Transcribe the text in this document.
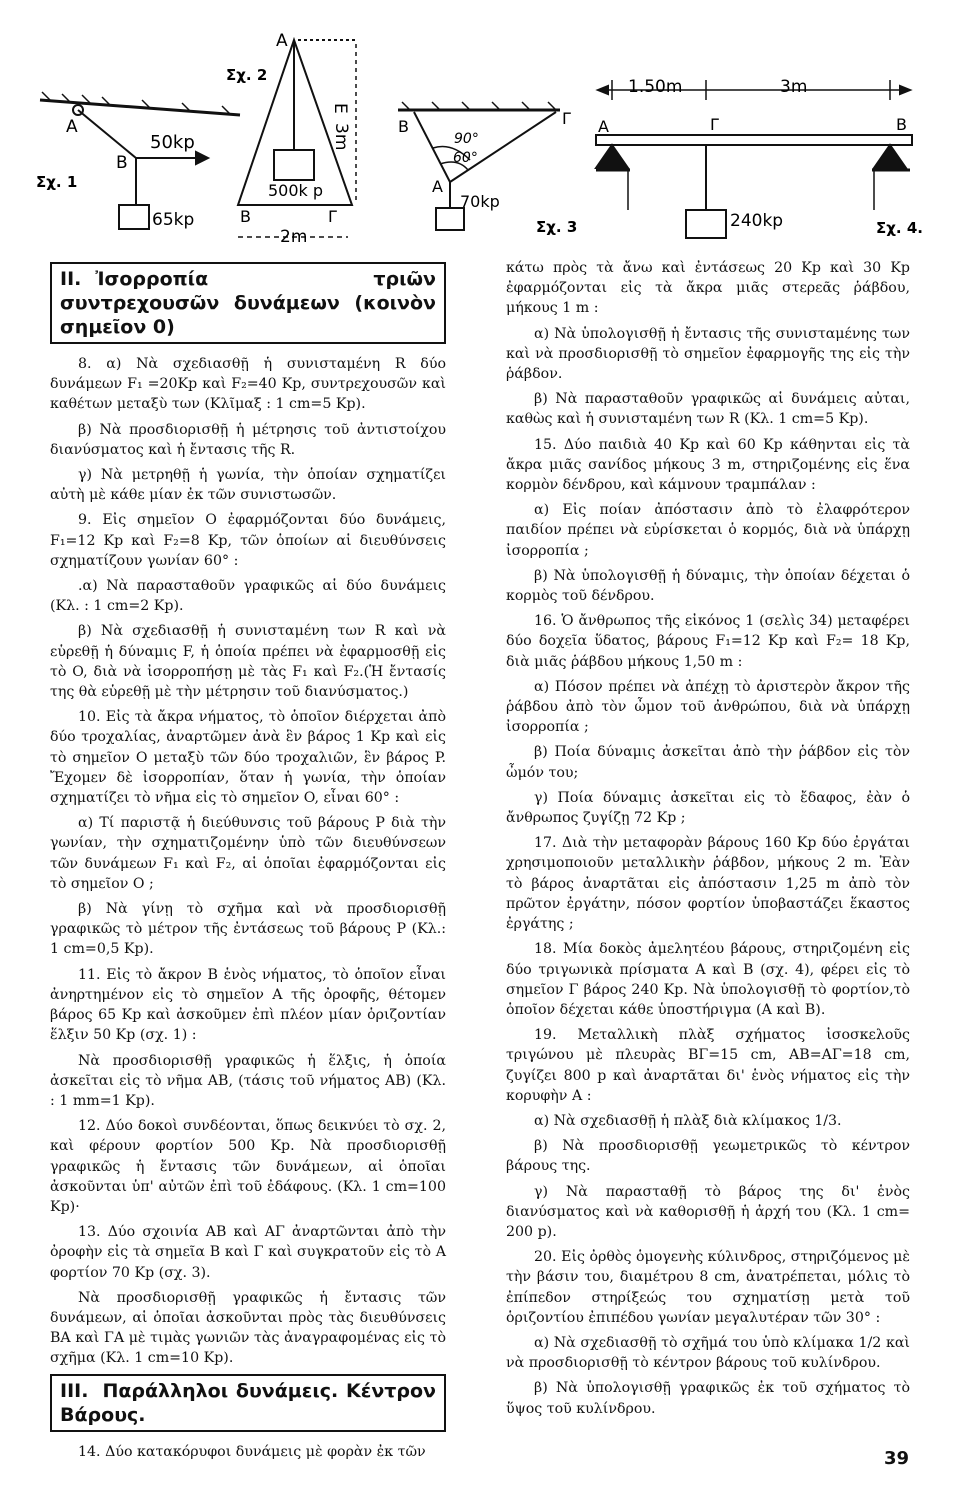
A
B
50kp
65kp
Σχ. 1
A
Σχ. 2
E
3m
500k p
B	Γ
2m
B	Γ
90°
60°
A
70kp
Σχ. 3
1.50m	3m
A	Γ	B
240kp	Σχ. 4.
II. Ἰσορροπία τριῶν συντρεχουσῶν δυνάμεων (κοινὸν σημεῖον 0)

8. α) Νὰ σχεδιασθῇ ἡ συνισταμένη R δύο δυνάμεων F₁ =20Kp καὶ F₂=40 Kp, συντρεχουσῶν καὶ καθέτων μεταξὺ των (Κλῖμαξ : 1 cm=5 Kp).

β) Νὰ προσδιορισθῇ ἡ μέτρησις τοῦ ἀντιστοίχου διανύσματος καὶ ἡ ἔντασις τῆς R.

γ) Νὰ μετρηθῇ ἡ γωνία, τὴν ὁποίαν σχηματίζει αὐτὴ μὲ κάθε μίαν ἐκ τῶν συνιστωσῶν.

9. Εἰς σημεῖον O ἐφαρμόζονται δύο δυνάμεις, F₁=12 Kp καὶ F₂=8 Kp, τῶν ὁποίων αἱ διευθύνσεις σχηματίζουν γωνίαν 60° :

.α) Νὰ παρασταθοῦν γραφικῶς αἱ δύο δυνάμεις (Κλ. : 1 cm=2 Kp).

β) Νὰ σχεδιασθῇ ἡ συνισταμένη των R καὶ νὰ εὑρεθῇ ἡ δύναμις F, ἡ ὁποία πρέπει νὰ ἐφαρμοσθῇ εἰς τὸ O, διὰ νὰ ἰσορροπήσῃ μὲ τὰς F₁ καὶ F₂.(Ἡ ἔντασίς της θὰ εὑρεθῇ μὲ τὴν μέτρησιν τοῦ διανύσματος.)

10. Εἰς τὰ ἄκρα νήματος, τὸ ὁποῖον διέρχεται ἀπὸ δύο τροχαλίας, ἀναρτῶμεν ἀνὰ ἓν βάρος 1 Kp καὶ εἰς τὸ σημεῖον O μεταξὺ τῶν δύο τροχαλιῶν, ἓν βάρος P. Ἔχομεν δὲ ἰσορροπίαν, ὅταν ἡ γωνία, τὴν ὁποίαν σχηματίζει τὸ νῆμα εἰς τὸ σημεῖον O, εἶναι 60° :

α) Τί παριστᾷ ἡ διεύθυνσις τοῦ βάρους P διὰ τὴν γωνίαν, τὴν σχηματιζομένην ὑπὸ τῶν διευθύνσεων τῶν δυνάμεων F₁ καὶ F₂, αἱ ὁποῖαι ἐφαρμόζονται εἰς τὸ σημεῖον O ;

β) Νὰ γίνῃ τὸ σχῆμα καὶ νὰ προσδιορισθῇ γραφικῶς τὸ μέτρον τῆς ἐντάσεως τοῦ βάρους P (Κλ.: 1 cm=0,5 Kp).

11. Εἰς τὸ ἄκρον B ἑνὸς νήματος, τὸ ὁποῖον εἶναι ἀνηρτημένον εἰς τὸ σημεῖον A τῆς ὀροφῆς, θέτομεν βάρος 65 Kp καὶ ἀσκοῦμεν ἐπὶ πλέον μίαν ὁριζοντίαν ἕλξιν 50 Kp (σχ. 1) :

Νὰ προσδιορισθῇ γραφικῶς ἡ ἕλξις, ἡ ὁποία ἀσκεῖται εἰς τὸ νῆμα AB, (τάσις τοῦ νήματος AB) (Κλ. : 1 mm=1 Kp).

12. Δύο δοκοὶ συνδέονται, ὅπως δεικνύει τὸ σχ. 2, καὶ φέρουν φορτίον 500 Kp. Νὰ προσδιορισθῇ γραφικῶς ἡ ἔντασις τῶν δυνάμεων, αἱ ὁποῖαι ἀσκοῦνται ὑπ' αὐτῶν ἐπὶ τοῦ ἐδάφους. (Κλ. 1 cm=100 Kp)·

13. Δύο σχοινία AB καὶ AΓ ἀναρτῶνται ἀπὸ τὴν ὀροφὴν εἰς τὰ σημεῖα B καὶ Γ καὶ συγκρατοῦν εἰς τὸ A φορτίον 70 Kp (σχ. 3).

Νὰ προσδιορισθῇ γραφικῶς ἡ ἔντασις τῶν δυνάμεων, αἱ ὁποῖαι ἀσκοῦνται πρὸς τὰς διευθύνσεις BA καὶ ΓA μὲ τιμὰς γωνιῶν τὰς ἀναγραφομένας εἰς τὸ σχῆμα (Κλ. 1 cm=10 Kp).

III. Παράλληλοι δυνάμεις. Κέντρον Βάρους.

14. Δύο κατακόρυφοι δυνάμεις μὲ φορὰν ἐκ τῶν

κάτω πρὸς τὰ ἄνω καὶ ἐντάσεως 20 Kp καὶ 30 Kp ἐφαρμόζονται εἰς τὰ ἄκρα μιᾶς στερεᾶς ῥάβδου, μήκους 1 m :

α) Νὰ ὑπολογισθῇ ἡ ἔντασις τῆς συνισταμένης των καὶ νὰ προσδιορισθῇ τὸ σημεῖον ἐφαρμογῆς της εἰς τὴν ῥάβδον.

β) Νὰ παρασταθοῦν γραφικῶς αἱ δυνάμεις αὐται, καθὼς καὶ ἡ συνισταμένη των R (Κλ. 1 cm=5 Kp).

15. Δύο παιδιὰ 40 Kp καὶ 60 Kp κάθηνται εἰς τὰ ἄκρα μιᾶς σανίδος μήκους 3 m, στηριζομένης εἰς ἕνα κορμὸν δένδρου, καὶ κάμνουν τραμπάλαν :

α) Εἰς ποίαν ἀπόστασιν ἀπὸ τὸ ἐλαφρότερον παιδίον πρέπει νὰ εὑρίσκεται ὁ κορμός, διὰ νὰ ὑπάρχῃ ἰσορροπία ;

β) Νὰ ὑπολογισθῇ ἡ δύναμις, τὴν ὁποίαν δέχεται ὁ κορμὸς τοῦ δένδρου.

16. Ὁ ἄνθρωπος τῆς εἰκόνος 1 (σελὶς 34) μεταφέρει δύο δοχεῖα ὕδατος, βάρους F₁=12 Kp καὶ F₂= 18 Kp, διὰ μιᾶς ῥάβδου μήκους 1,50 m :

α) Πόσον πρέπει νὰ ἀπέχῃ τὸ ἀριστερὸν ἄκρον τῆς ῥάβδου ἀπὸ τὸν ὦμον τοῦ ἀνθρώπου, διὰ νὰ ὑπάρχῃ ἰσορροπία ;

β) Ποία δύναμις ἀσκεῖται ἀπὸ τὴν ῥάβδον εἰς τὸν ὦμόν του;

γ) Ποία δύναμις ἀσκεῖται εἰς τὸ ἔδαφος, ἐὰν ὁ ἄνθρωπος ζυγίζῃ 72 Kp ;

17. Διὰ τὴν μεταφορὰν βάρους 160 Kp δύο ἐργάται χρησιμοποιοῦν μεταλλικὴν ῥάβδον, μήκους 2 m. Ἐὰν τὸ βάρος ἀναρτᾶται εἰς ἀπόστασιν 1,25 m ἀπὸ τὸν πρῶτον ἐργάτην, πόσον φορτίον ὑποβαστάζει ἕκαστος ἐργάτης ;

18. Μία δοκὸς ἀμελητέου βάρους, στηριζομένη εἰς δύο τριγωνικὰ πρίσματα A καὶ B (σχ. 4), φέρει εἰς τὸ σημεῖον Γ βάρος 240 Kp. Νὰ ὑπολογισθῇ τὸ φορτίον,τὸ ὁποῖον δέχεται κάθε ὑποστήριγμα (A καὶ B).

19. Μεταλλικὴ πλὰξ σχήματος ἰσοσκελοῦς τριγώνου μὲ πλευρὰς BΓ=15 cm, AB=AΓ=18 cm, ζυγίζει 800 p καὶ ἀναρτᾶται δι' ἑνὸς νήματος εἰς τὴν κορυφὴν A :

α) Νὰ σχεδιασθῇ ἡ πλὰξ διὰ κλίμακος 1/3.

β) Νὰ προσδιορισθῇ γεωμετρικῶς τὸ κέντρον βάρους της.

γ) Νὰ παρασταθῇ τὸ βάρος της δι' ἑνὸς διανύσματος καὶ νὰ καθορισθῇ ἡ ἀρχή του (Κλ. 1 cm= 200 p).

20. Εἰς ὀρθὸς ὁμογενὴς κύλινδρος, στηριζόμενος μὲ τὴν βάσιν του, διαμέτρου 8 cm, ἀνατρέπεται, μόλις τὸ ἐπίπεδον στηρίξεώς του σχηματίσῃ μετὰ τοῦ ὁριζοντίου ἐπιπέδου γωνίαν μεγαλυτέραν τῶν 30° :

α) Νὰ σχεδιασθῇ τὸ σχῆμά του ὑπὸ κλίμακα 1/2 καὶ νὰ προσδιορισθῇ τὸ κέντρον βάρους τοῦ κυλίνδρου.

β) Νὰ ὑπολογισθῇ γραφικῶς ἐκ τοῦ σχήματος τὸ ὕψος τοῦ κυλίνδρου.

39
